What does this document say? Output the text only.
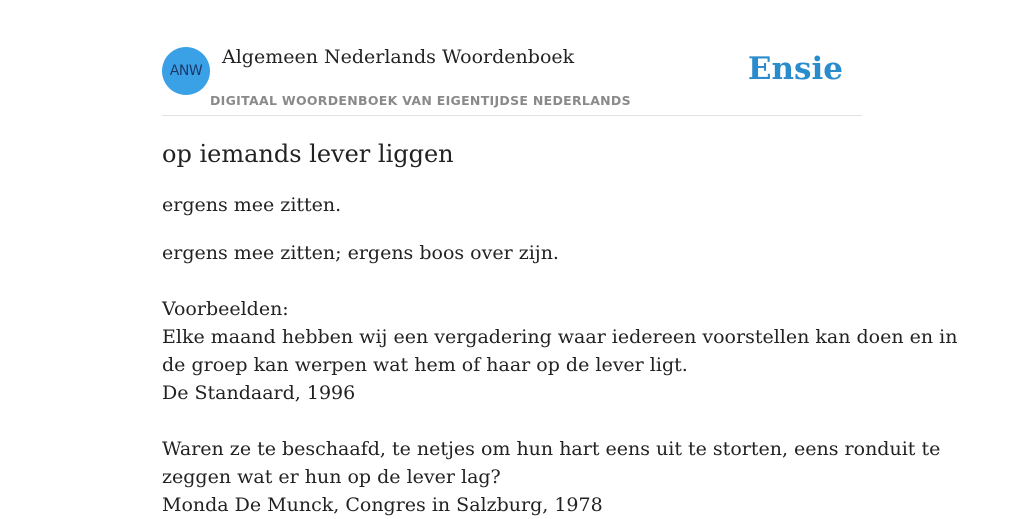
ANW
Algemeen Nederlands Woordenboek
DIGITAAL WOORDENBOEK VAN EIGENTIJDSE NEDERLANDS
Ensie
op iemands lever liggen
ergens mee zitten.
ergens mee zitten; ergens boos over zijn.
Voorbeelden:
Elke maand hebben wij een vergadering waar iedereen voorstellen kan doen en in
de groep kan werpen wat hem of haar op de lever ligt.
De Standaard, 1996
Waren ze te beschaafd, te netjes om hun hart eens uit te storten, eens ronduit te
zeggen wat er hun op de lever lag?
Monda De Munck, Congres in Salzburg, 1978
